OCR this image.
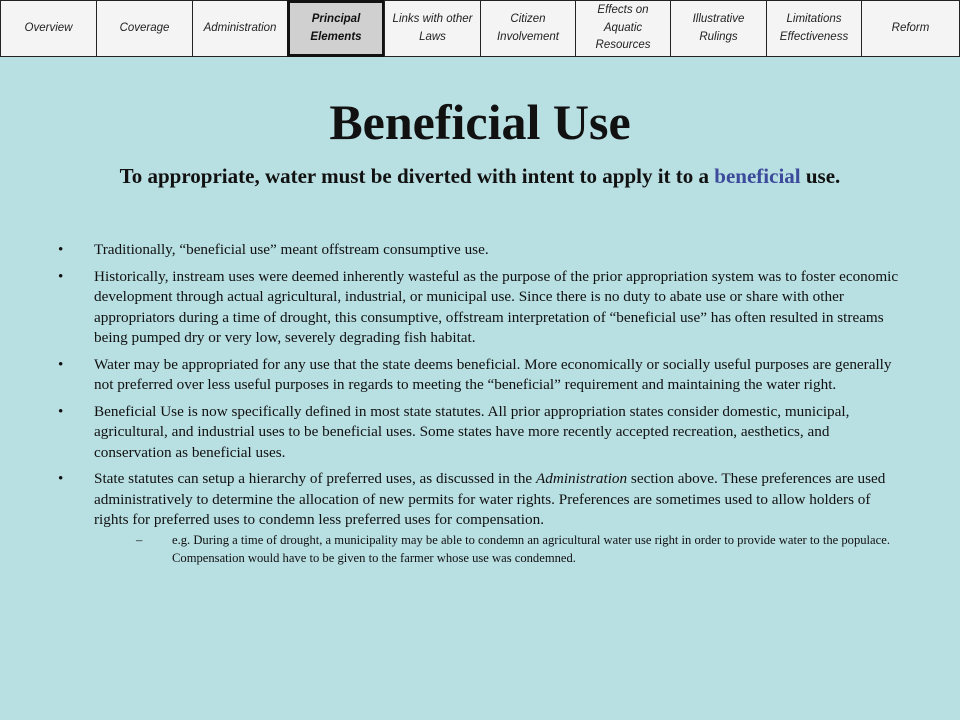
Overview	Coverage	Administration
Principal Elements
Links with other Laws
Citizen Involvement
Effects on Aquatic Resources
Illustrative Rulings
Limitations Effectiveness
Reform
Beneficial Use
To appropriate, water must be diverted with intent to apply it to a beneficial use.
• Traditionally, “beneficial use” meant offstream consumptive use.
• Historically, instream uses were deemed inherently wasteful as the purpose of the prior appropriation system was to foster economic development through actual agricultural, industrial, or municipal use. Since there is no duty to abate use or share with other appropriators during a time of drought, this consumptive, offstream interpretation of “beneficial use” has often resulted in streams being pumped dry or very low, severely degrading fish habitat.
• Water may be appropriated for any use that the state deems beneficial. More economically or socially useful purposes are generally not preferred over less useful purposes in regards to meeting the “beneficial” requirement and maintaining the water right.
• Beneficial Use is now specifically defined in most state statutes. All prior appropriation states consider domestic, municipal, agricultural, and industrial uses to be beneficial uses. Some states have more recently accepted recreation, aesthetics, and conservation as beneficial uses.
• State statutes can setup a hierarchy of preferred uses, as discussed in the Administration section above. These preferences are used administratively to determine the allocation of new permits for water rights. Preferences are sometimes used to allow holders of rights for preferred uses to condemn less preferred uses for compensation.
– e.g. During a time of drought, a municipality may be able to condemn an agricultural water use right in order to provide water to the populace. Compensation would have to be given to the farmer whose use was condemned.
